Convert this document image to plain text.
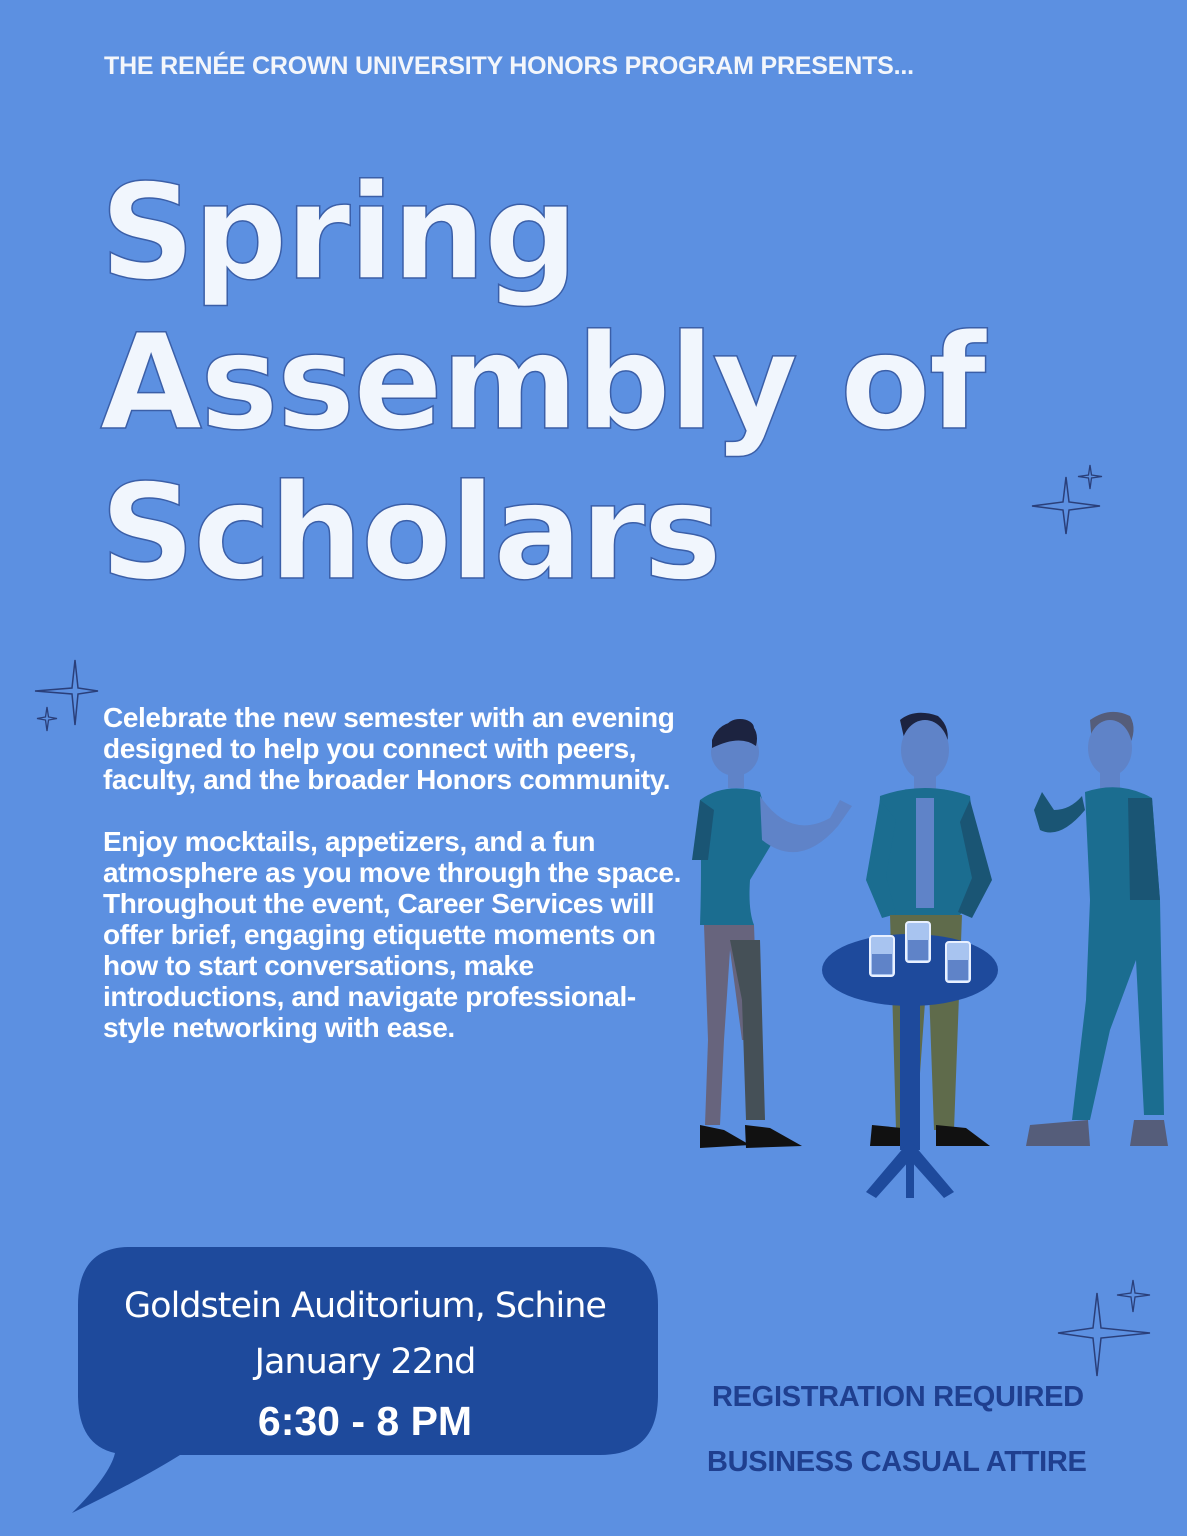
THE RENÉE CROWN UNIVERSITY HONORS PROGRAM PRESENTS...
Spring
Assembly of
Scholars

Celebrate the new semester with an evening designed to help you connect with peers, faculty, and the broader Honors community.

Enjoy mocktails, appetizers, and a fun atmosphere as you move through the space. Throughout the event, Career Services will offer brief, engaging etiquette moments on how to start conversations, make introductions, and navigate professional-style networking with ease.

Goldstein Auditorium, Schine
January 22nd
6:30 - 8 PM
REGISTRATION REQUIRED
BUSINESS CASUAL ATTIRE
